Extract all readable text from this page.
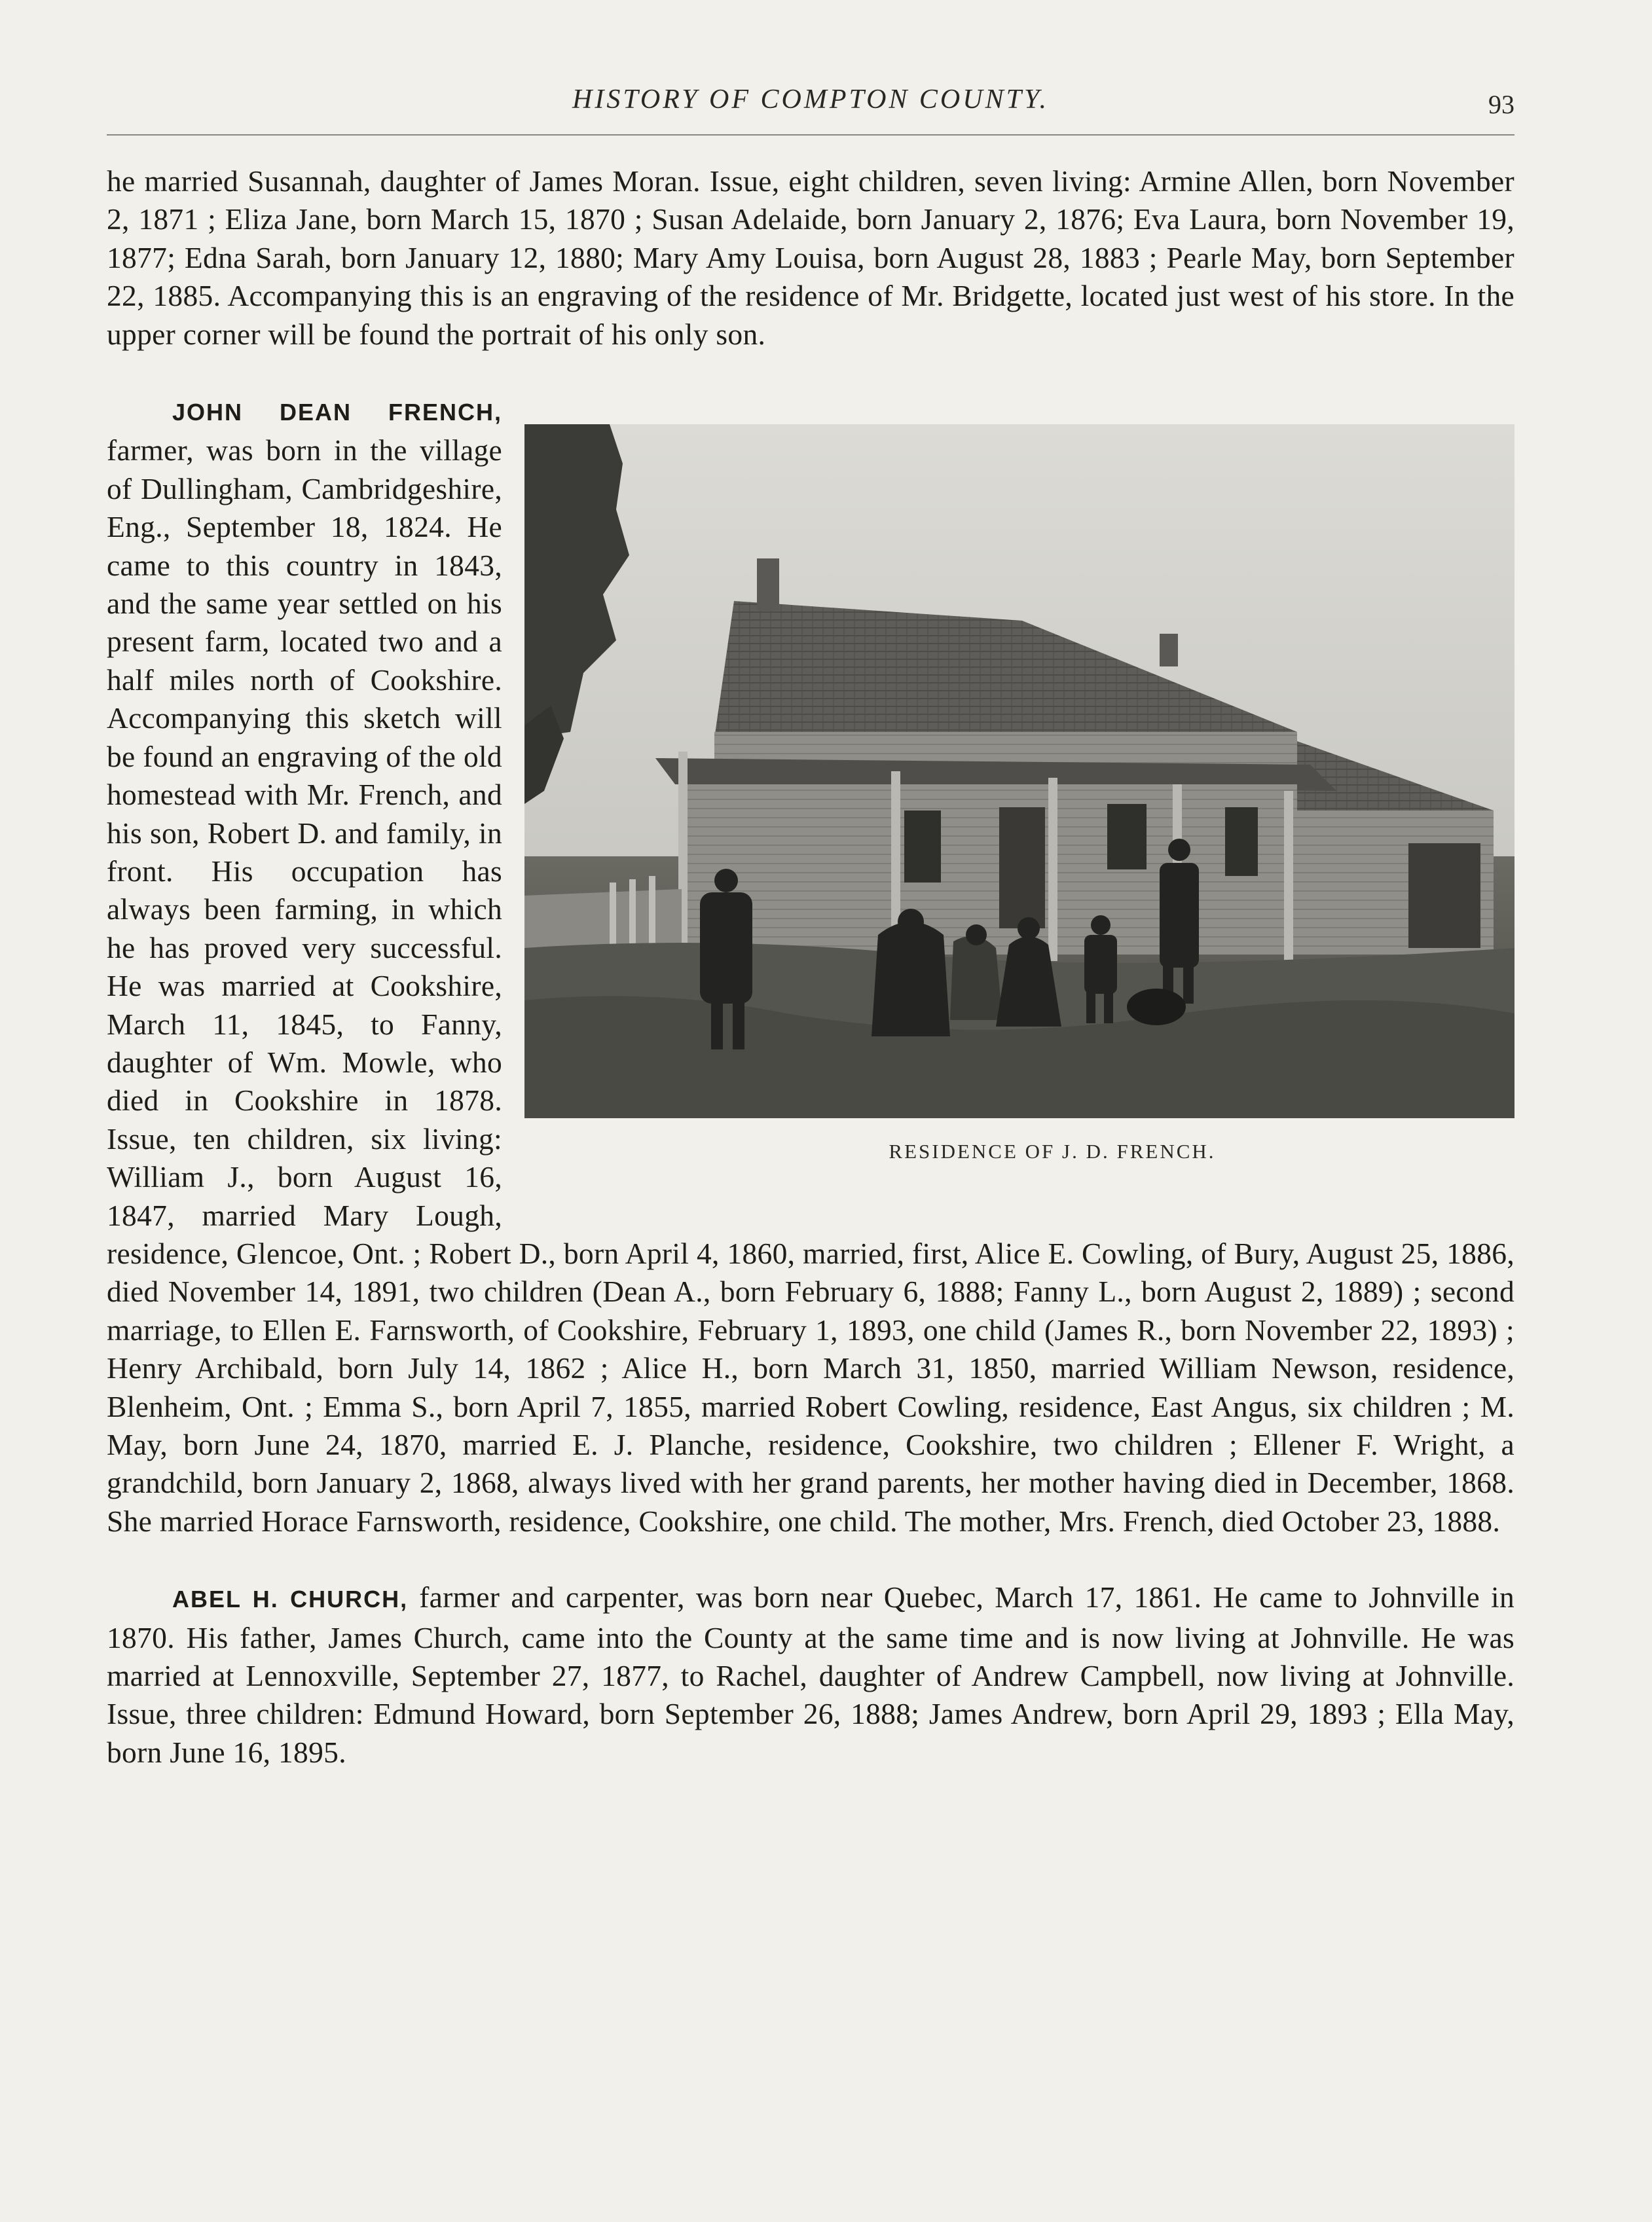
HISTORY OF COMPTON COUNTY.	93

he married Susannah, daughter of James Moran. Issue, eight children, seven living: Armine Allen, born November 2, 1871 ; Eliza Jane, born March 15, 1870 ; Susan Adelaide, born January 2, 1876; Eva Laura, born November 19, 1877; Edna Sarah, born January 12, 1880; Mary Amy Louisa, born August 28, 1883 ; Pearle May, born September 22, 1885. Accompanying this is an engraving of the residence of Mr. Bridgette, located just west of his store. In the upper corner will be found the portrait of his only son.

RESIDENCE OF J. D. FRENCH.
JOHN DEAN FRENCH, farmer, was born in the village of Dullingham, Cambridgeshire, Eng., September 18, 1824. He came to this country in 1843, and the same year settled on his present farm, located two and a half miles north of Cookshire. Accompanying this sketch will be found an engraving of the old homestead with Mr. French, and his son, Robert D. and family, in front. His occupation has always been farming, in which he has proved very successful. He was married at Cookshire, March 11, 1845, to Fanny, daughter of Wm. Mowle, who died in Cookshire in 1878. Issue, ten children, six living: William J., born August 16, 1847, married Mary Lough, residence, Glencoe, Ont. ; Robert D., born April 4, 1860, married, first, Alice E. Cowling, of Bury, August 25, 1886, died November 14, 1891, two children (Dean A., born February 6, 1888; Fanny L., born August 2, 1889) ; second marriage, to Ellen E. Farnsworth, of Cookshire, February 1, 1893, one child (James R., born November 22, 1893) ; Henry Archibald, born July 14, 1862 ; Alice H., born March 31, 1850, married William Newson, residence, Blenheim, Ont. ; Emma S., born April 7, 1855, married Robert Cowling, residence, East Angus, six children ; M. May, born June 24, 1870, married E. J. Planche, residence, Cookshire, two children ; Ellener F. Wright, a grandchild, born January 2, 1868, always lived with her grand parents, her mother having died in December, 1868. She married Horace Farnsworth, residence, Cookshire, one child. The mother, Mrs. French, died October 23, 1888.

ABEL H. CHURCH, farmer and carpenter, was born near Quebec, March 17, 1861. He came to Johnville in 1870. His father, James Church, came into the County at the same time and is now living at Johnville. He was married at Lennoxville, September 27, 1877, to Rachel, daughter of Andrew Campbell, now living at Johnville. Issue, three children: Edmund Howard, born September 26, 1888; James Andrew, born April 29, 1893 ; Ella May, born June 16, 1895.
